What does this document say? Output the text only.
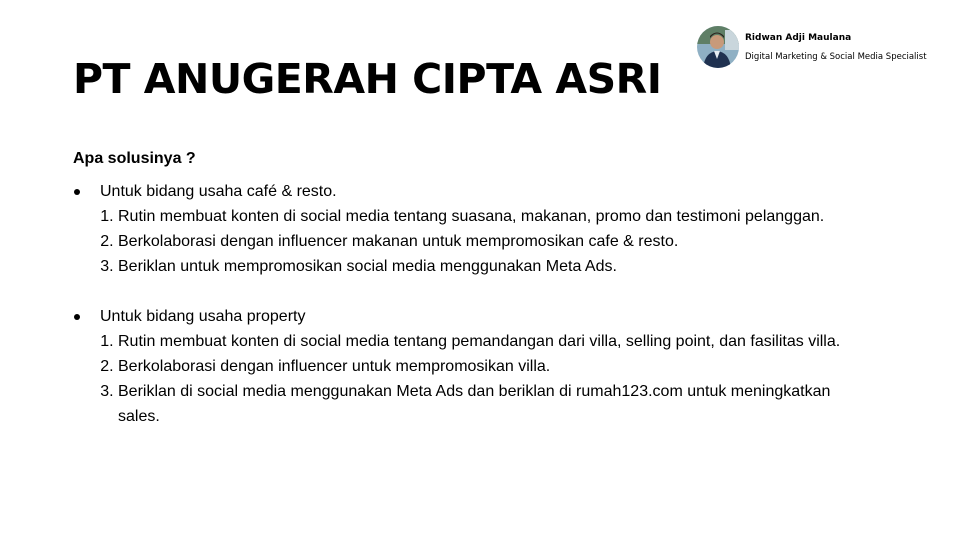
Ridwan Adji Maulana
Digital Marketing & Social Media Specialist
PT ANUGERAH CIPTA ASRI
Apa solusinya ?
Untuk bidang usaha café & resto.
1. Rutin membuat konten di social media tentang suasana, makanan, promo dan testimoni pelanggan.
2. Berkolaborasi dengan influencer makanan untuk mempromosikan cafe & resto.
3. Beriklan untuk mempromosikan social media menggunakan Meta Ads.
Untuk bidang usaha property
1. Rutin membuat konten di social media tentang pemandangan dari villa, selling point, dan fasilitas villa.
2. Berkolaborasi dengan influencer untuk mempromosikan villa.
3. Beriklan di social media menggunakan Meta Ads dan beriklan di rumah123.com untuk meningkatkan sales.
